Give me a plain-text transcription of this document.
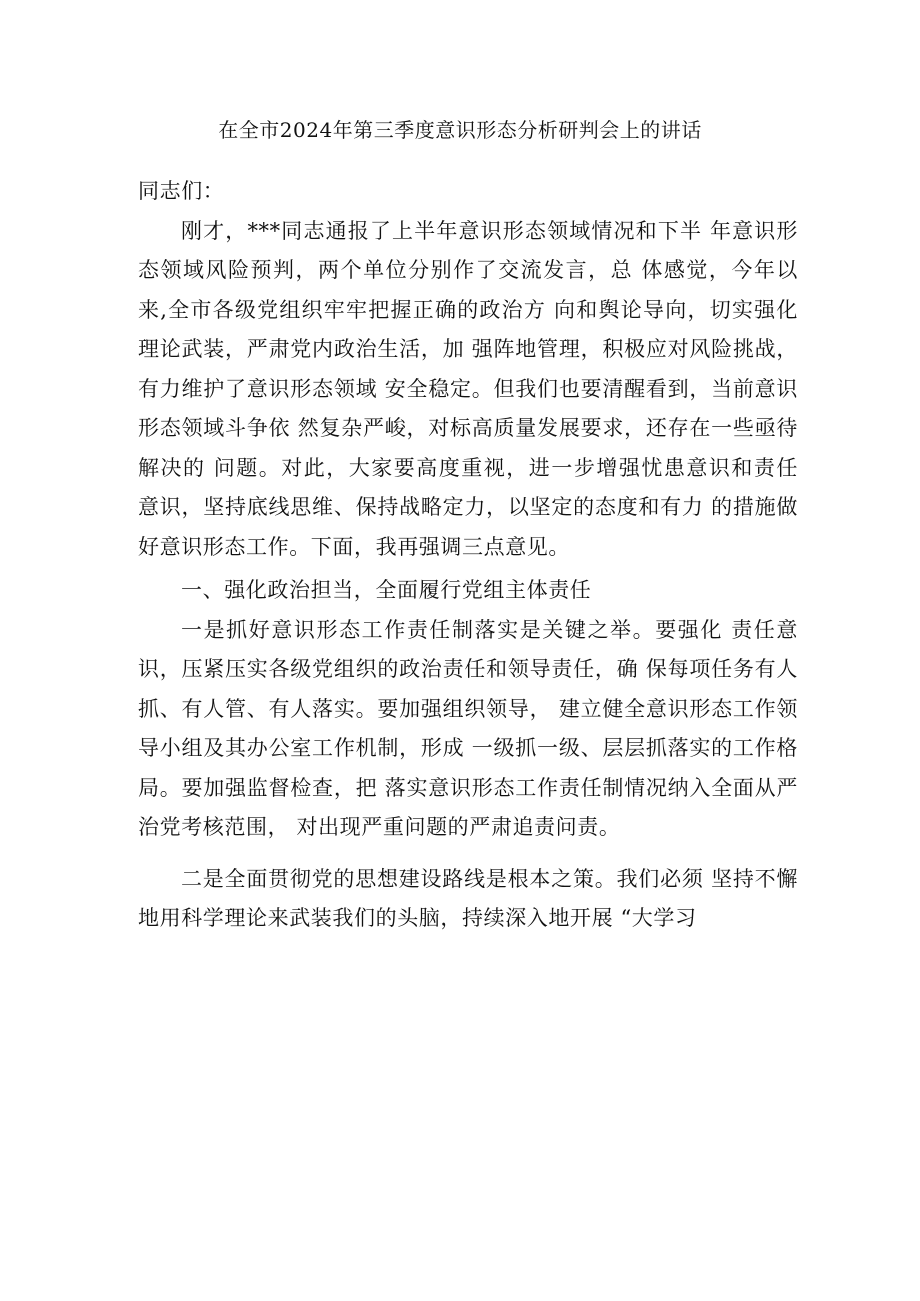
在全市2024年第三季度意识形态分析研判会上的讲话

同志们：

刚才，***同志通报了上半年意识形态领域情况和下半 年意识形态领域风险预判，两个单位分别作了交流发言，总 体感觉，今年以来,全市各级党组织牢牢把握正确的政治方 向和舆论导向，切实强化理论武装，严肃党内政治生活，加 强阵地管理，积极应对风险挑战，有力维护了意识形态领域 安全稳定。但我们也要清醒看到，当前意识形态领域斗争依 然复杂严峻，对标高质量发展要求，还存在一些亟待解决的 问题。对此，大家要高度重视，进一步增强忧患意识和责任 意识，坚持底线思维、保持战略定力，以坚定的态度和有力 的措施做好意识形态工作。下面，我再强调三点意见。

一、强化政治担当，全面履行党组主体责任

一是抓好意识形态工作责任制落实是关键之举。要强化 责任意识，压紧压实各级党组织的政治责任和领导责任，确 保每项任务有人抓、有人管、有人落实。要加强组织领导， 建立健全意识形态工作领导小组及其办公室工作机制，形成 一级抓一级、层层抓落实的工作格局。要加强监督检查，把 落实意识形态工作责任制情况纳入全面从严治党考核范围， 对出现严重问题的严肃追责问责。

二是全面贯彻党的思想建设路线是根本之策。我们必须 坚持不懈地用科学理论来武装我们的头脑，持续深入地开展 “大学习
